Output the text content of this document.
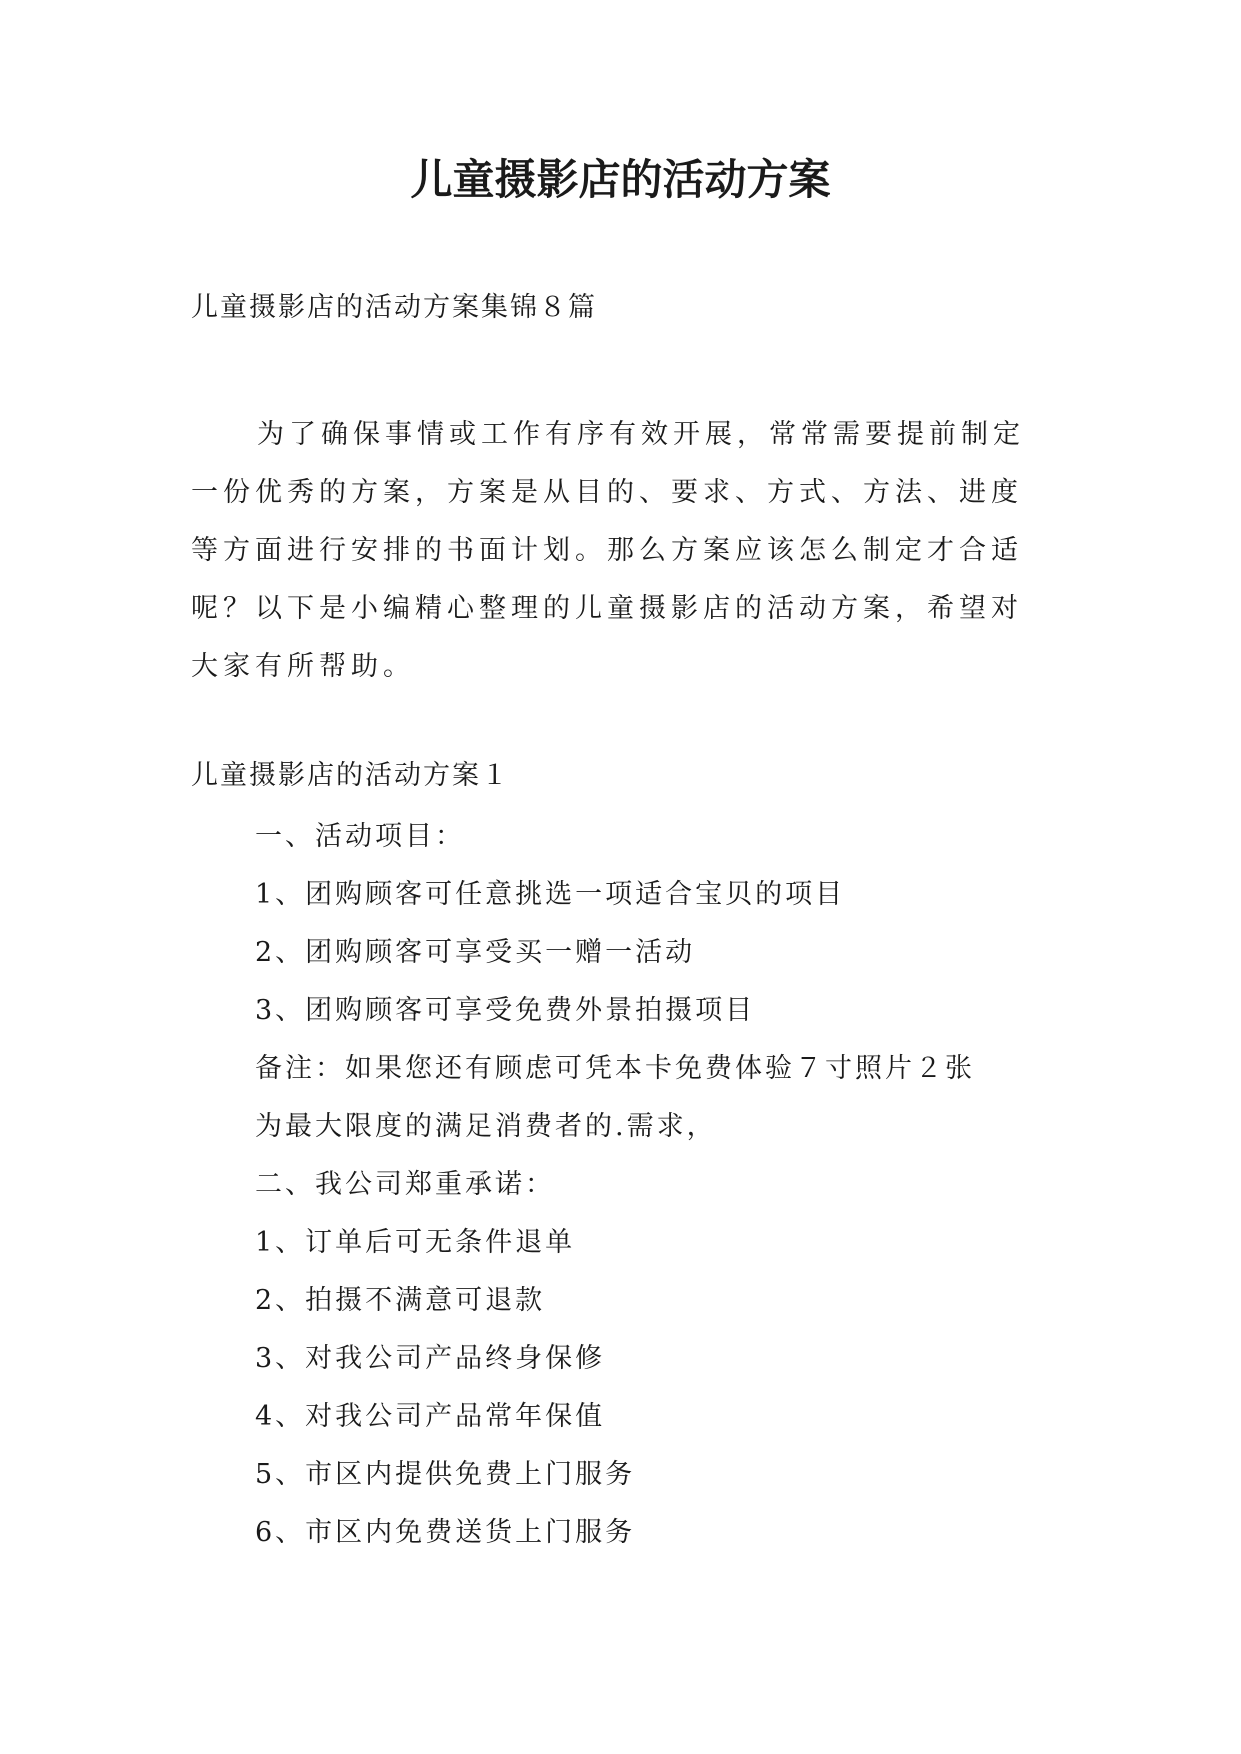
儿童摄影店的活动方案

儿童摄影店的活动方案集锦８篇

为了确保事情或工作有序有效开展，常常需要提前制定

一份优秀的方案，方案是从目的、要求、方式、方法、进度

等方面进行安排的书面计划。那么方案应该怎么制定才合适

呢？以下是小编精心整理的儿童摄影店的活动方案，希望对

大家有所帮助。

儿童摄影店的活动方案１

一、活动项目：
1、团购顾客可任意挑选一项适合宝贝的项目
2、团购顾客可享受买一赠一活动
3、团购顾客可享受免费外景拍摄项目
备注：如果您还有顾虑可凭本卡免费体验７寸照片２张
为最大限度的满足消费者的.需求，
二、我公司郑重承诺：
1、订单后可无条件退单
2、拍摄不满意可退款
3、对我公司产品终身保修
4、对我公司产品常年保值
5、市区内提供免费上门服务
6、市区内免费送货上门服务
